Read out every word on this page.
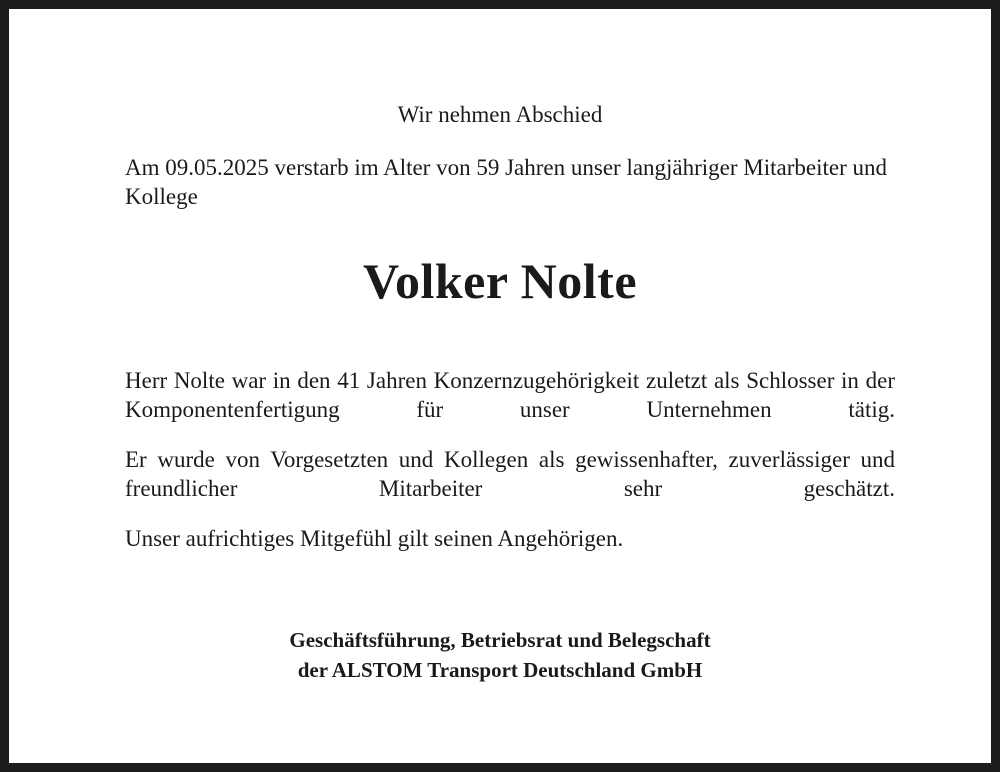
Wir nehmen Abschied
Am 09.05.2025 verstarb im Alter von 59 Jahren unser langjähriger Mitarbeiter und Kollege
Volker Nolte
Herr Nolte war in den 41 Jahren Konzernzugehörigkeit zuletzt als Schlosser in der Komponentenfertigung für unser Unternehmen tätig.
Er wurde von Vorgesetzten und Kollegen als gewissenhafter, zuverlässiger und freundlicher Mitarbeiter sehr geschätzt.
Unser aufrichtiges Mitgefühl gilt seinen Angehörigen.
Geschäftsführung, Betriebsrat und Belegschaft
der ALSTOM Transport Deutschland GmbH
